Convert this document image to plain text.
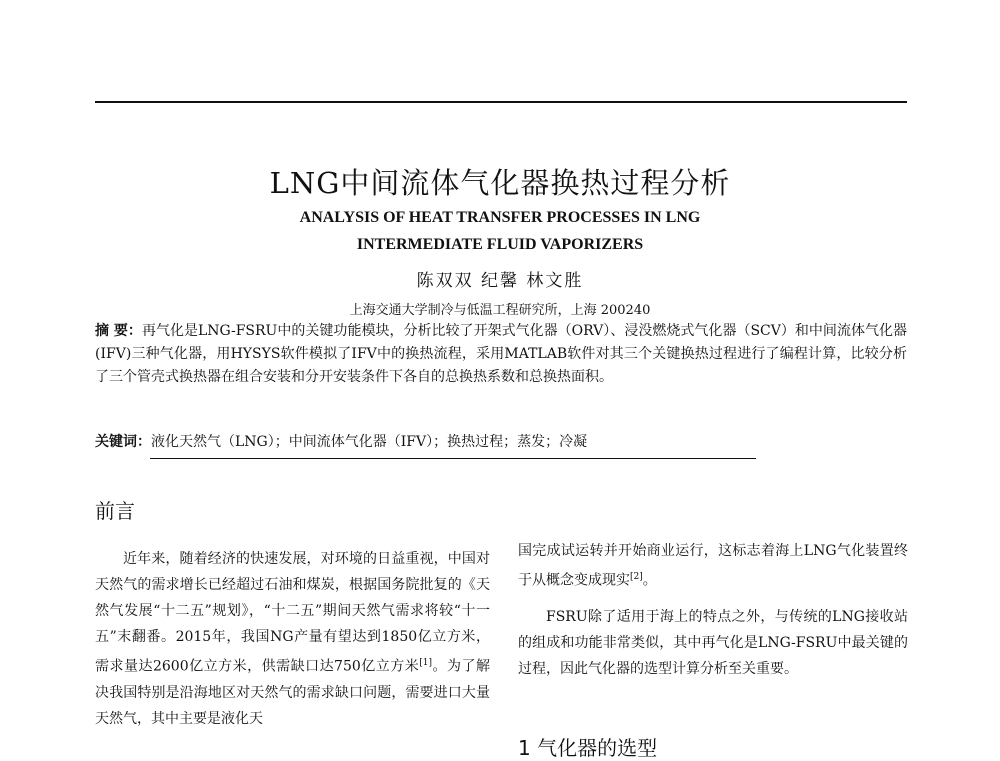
LNG中间流体气化器换热过程分析
ANALYSIS OF HEAT TRANSFER PROCESSES IN LNG
INTERMEDIATE FLUID VAPORIZERS
陈双双 纪馨 林文胜
上海交通大学制冷与低温工程研究所，上海 200240
摘 要：再气化是LNG-FSRU中的关键功能模块，分析比较了开架式气化器（ORV）、浸没燃烧式气化器（SCV）和中间流体气化器(IFV)三种气化器，用HYSYS软件模拟了IFV中的换热流程，采用MATLAB软件对其三个关键换热过程进行了编程计算，比较分析了三个管壳式换热器在组合安装和分开安装条件下各自的总换热系数和总换热面积。
关键词：液化天然气（LNG）；中间流体气化器（IFV）；换热过程；蒸发；冷凝
前言

近年来，随着经济的快速发展，对环境的日益重视，中国对天然气的需求增长已经超过石油和煤炭，根据国务院批复的《天然气发展“十二五”规划》，“十二五”期间天然气需求将较“十一五”末翻番。2015年，我国NG产量有望达到1850亿立方米，需求量达2600亿立方米，供需缺口达750亿立方米[1]。为了解决我国特别是沿海地区对天然气的需求缺口问题，需要进口大量天然气，其中主要是液化天

国完成试运转并开始商业运行，这标志着海上LNG气化装置终于从概念变成现实[2]。

FSRU除了适用于海上的特点之外，与传统的LNG接收站的组成和功能非常类似，其中再气化是LNG-FSRU中最关键的过程，因此气化器的选型计算分析至关重要。

1 气化器的选型
